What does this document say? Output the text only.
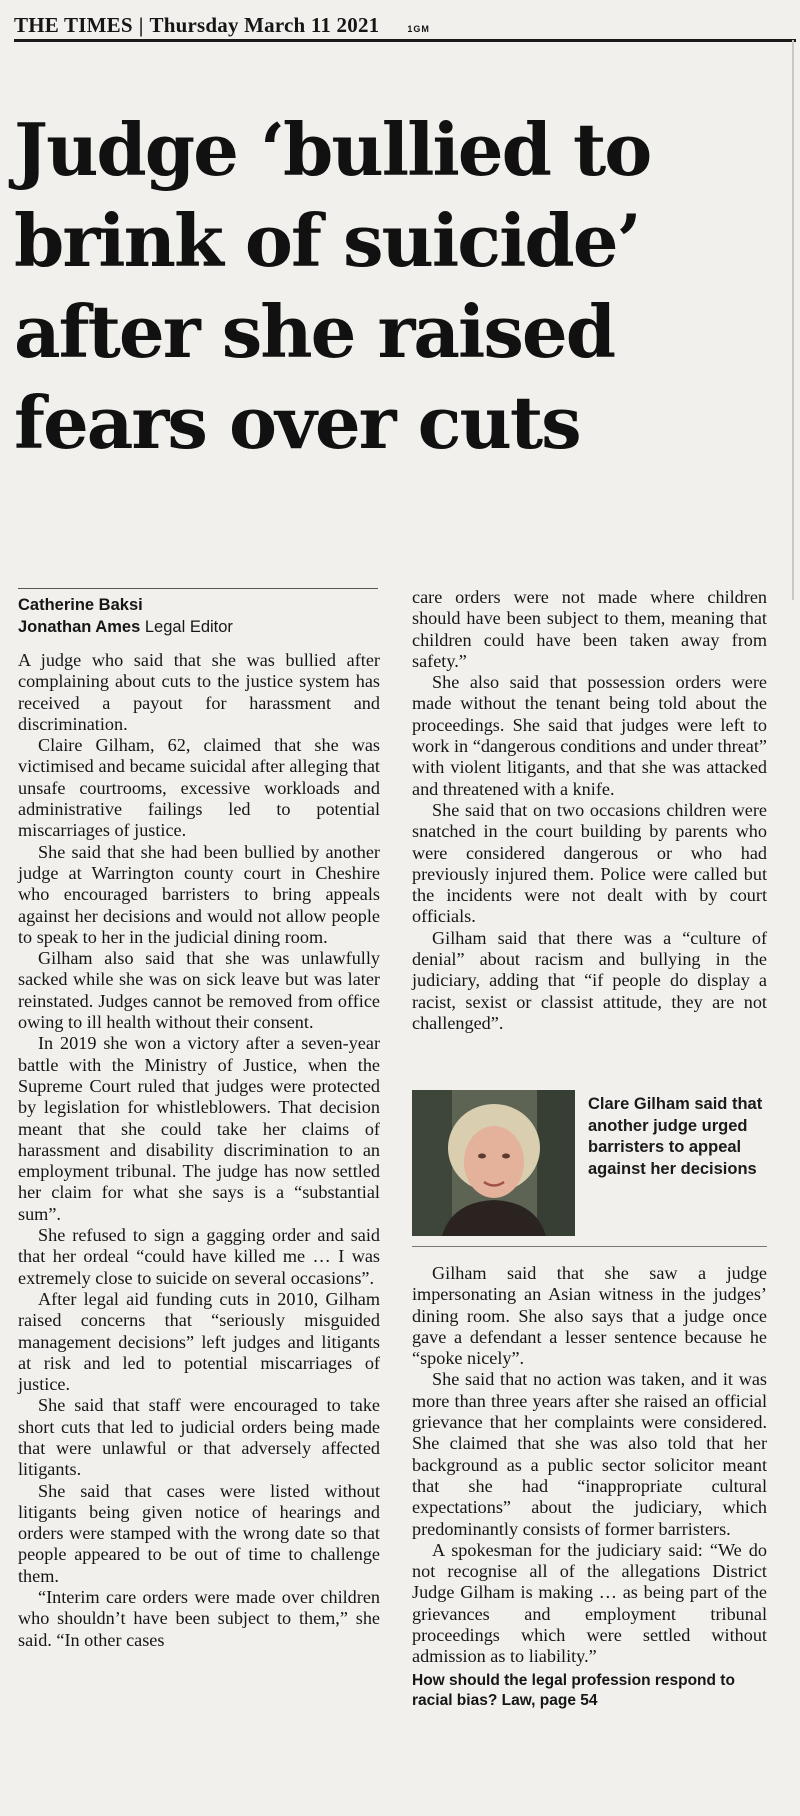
THE TIMES | Thursday March 11 2021	1GM
Judge ‘bullied to brink of suicide’ after she raised fears over cuts
Catherine Baksi
Jonathan Ames Legal Editor

A judge who said that she was bullied after complaining about cuts to the justice system has received a payout for harassment and discrimination.

Claire Gilham, 62, claimed that she was victimised and became suicidal after alleging that unsafe courtrooms, excessive workloads and administrative failings led to potential miscarriages of justice.

She said that she had been bullied by another judge at Warrington county court in Cheshire who encouraged barristers to bring appeals against her decisions and would not allow people to speak to her in the judicial dining room.

Gilham also said that she was unlawfully sacked while she was on sick leave but was later reinstated. Judges cannot be removed from office owing to ill health without their consent.

In 2019 she won a victory after a seven-year battle with the Ministry of Justice, when the Supreme Court ruled that judges were protected by legislation for whistleblowers. That decision meant that she could take her claims of harassment and disability discrimination to an employment tribunal. The judge has now settled her claim for what she says is a “substantial sum”.

She refused to sign a gagging order and said that her ordeal “could have killed me … I was extremely close to suicide on several occasions”.

After legal aid funding cuts in 2010, Gilham raised concerns that “seriously misguided management decisions” left judges and litigants at risk and led to potential miscarriages of justice.

She said that staff were encouraged to take short cuts that led to judicial orders being made that were unlawful or that adversely affected litigants.

She said that cases were listed without litigants being given notice of hearings and orders were stamped with the wrong date so that people appeared to be out of time to challenge them.

“Interim care orders were made over children who shouldn’t have been subject to them,” she said. “In other cases

care orders were not made where children should have been subject to them, meaning that children could have been taken away from safety.”

She also said that possession orders were made without the tenant being told about the proceedings. She said that judges were left to work in “dangerous conditions and under threat” with violent litigants, and that she was attacked and threatened with a knife.

She said that on two occasions children were snatched in the court building by parents who were considered dangerous or who had previously injured them. Police were called but the incidents were not dealt with by court officials.

Gilham said that there was a “culture of denial” about racism and bullying in the judiciary, adding that “if people do display a racist, sexist or classist attitude, they are not challenged”.

Clare Gilham said that another judge urged barristers to appeal against her decisions

Gilham said that she saw a judge impersonating an Asian witness in the judges’ dining room. She also says that a judge once gave a defendant a lesser sentence because he “spoke nicely”.

She said that no action was taken, and it was more than three years after she raised an official grievance that her complaints were considered. She claimed that she was also told that her background as a public sector solicitor meant that she had “inappropriate cultural expectations” about the judiciary, which predominantly consists of former barristers.

A spokesman for the judiciary said: “We do not recognise all of the allegations District Judge Gilham is making … as being part of the grievances and employment tribunal proceedings which were settled without admission as to liability.”

How should the legal profession respond to racial bias? Law, page 54
